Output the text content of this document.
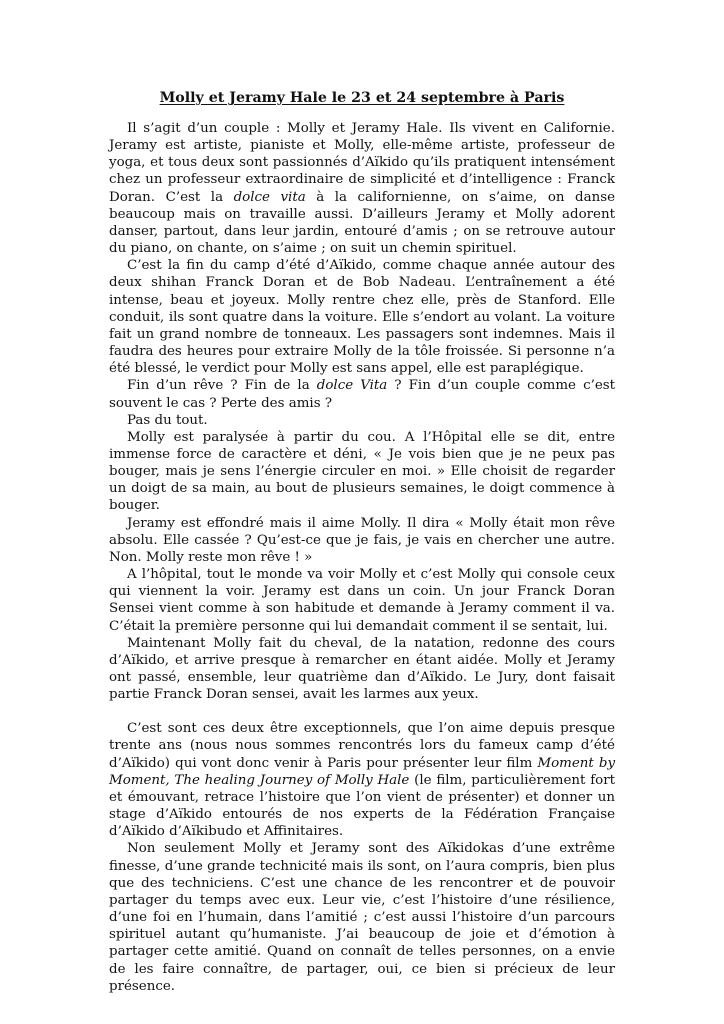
Molly et Jeramy Hale le 23 et 24 septembre à Paris

Il s’agit d’un couple : Molly et Jeramy Hale. Ils vivent en Californie. Jeramy est artiste, pianiste et Molly, elle-même artiste, professeur de yoga, et tous deux sont passionnés d’Aïkido qu’ils pratiquent intensément chez un professeur extraordinaire de simplicité et d’intelligence : Franck Doran. C’est la dolce vita à la californienne, on s’aime, on danse beaucoup mais on travaille aussi. D’ailleurs Jeramy et Molly adorent danser, partout, dans leur jardin, entouré d’amis ; on se retrouve autour du piano, on chante, on s’aime ; on suit un chemin spirituel.

C’est la fin du camp d’été d’Aïkido, comme chaque année autour des deux shihan Franck Doran et de Bob Nadeau. L’entraînement a été intense, beau et joyeux. Molly rentre chez elle, près de Stanford. Elle conduit, ils sont quatre dans la voiture. Elle s’endort au volant. La voiture fait un grand nombre de tonneaux. Les passagers sont indemnes. Mais il faudra des heures pour extraire Molly de la tôle froissée. Si personne n’a été blessé, le verdict pour Molly est sans appel, elle est paraplégique.

Fin d’un rêve ? Fin de la dolce Vita ? Fin d’un couple comme c’est souvent le cas ? Perte des amis ?

Pas du tout.

Molly est paralysée à partir du cou. A l’Hôpital elle se dit, entre immense force de caractère et déni, « Je vois bien que je ne peux pas bouger, mais je sens l’énergie circuler en moi. » Elle choisit de regarder un doigt de sa main, au bout de plusieurs semaines, le doigt commence à bouger.

Jeramy est effondré mais il aime Molly. Il dira « Molly était mon rêve absolu. Elle cassée ? Qu’est-ce que je fais, je vais en chercher une autre. Non. Molly reste mon rêve ! »

A l’hôpital, tout le monde va voir Molly et c’est Molly qui console ceux qui viennent la voir. Jeramy est dans un coin. Un jour Franck Doran Sensei vient comme à son habitude et demande à Jeramy comment il va. C’était la première personne qui lui demandait comment il se sentait, lui.

Maintenant Molly fait du cheval, de la natation, redonne des cours d’Aïkido, et arrive presque à remarcher en étant aidée. Molly et Jeramy ont passé, ensemble, leur quatrième dan d’Aïkido. Le Jury, dont faisait partie Franck Doran sensei, avait les larmes aux yeux.

C’est sont ces deux être exceptionnels, que l’on aime depuis presque trente ans (nous nous sommes rencontrés lors du fameux camp d’été d’Aïkido) qui vont donc venir à Paris pour présenter leur film Moment by Moment, The healing Journey of Molly Hale (le film, particulièrement fort et émouvant, retrace l’histoire que l’on vient de présenter) et donner un stage d’Aïkido entourés de nos experts de la Fédération Française d’Aïkido d’Aïkibudo et Affinitaires.

Non seulement Molly et Jeramy sont des Aïkidokas d’une extrême finesse, d’une grande technicité mais ils sont, on l’aura compris, bien plus que des techniciens. C’est une chance de les rencontrer et de pouvoir partager du temps avec eux. Leur vie, c’est l’histoire d’une résilience, d’une foi en l’humain, dans l’amitié ; c’est aussi l’histoire d’un parcours spirituel autant qu’humaniste. J’ai beaucoup de joie et d’émotion à partager cette amitié. Quand on connaît de telles personnes, on a envie de les faire connaître, de partager, oui, ce bien si précieux de leur présence.
